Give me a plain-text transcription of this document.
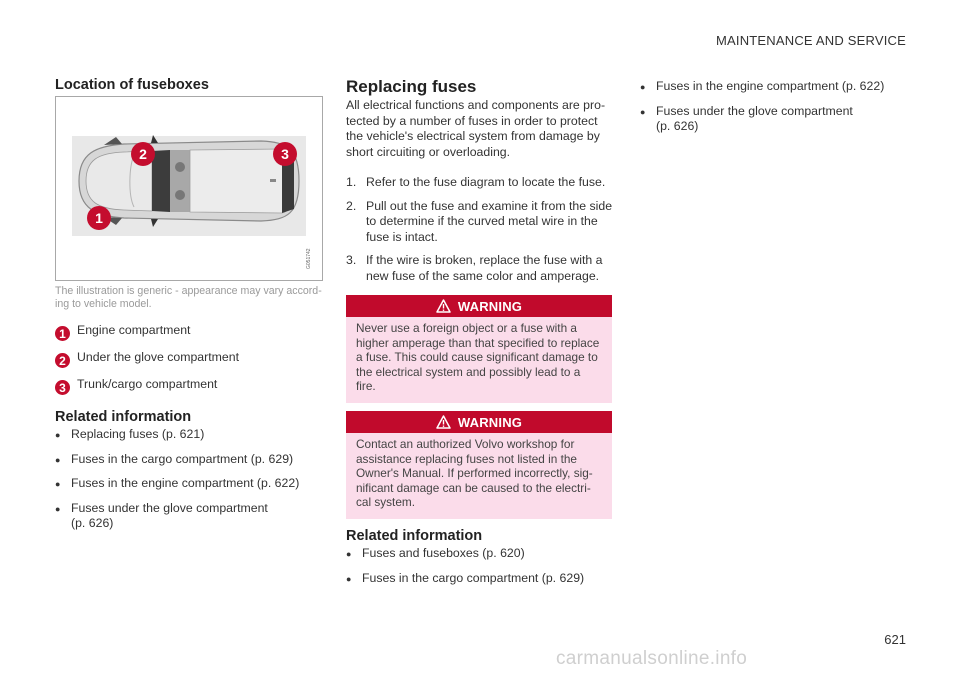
MAINTENANCE AND SERVICE
Location of fuseboxes
1
2	3
G051742
The illustration is generic - appearance may vary accord-ing to vehicle model.
1 Engine compartment
2 Under the glove compartment
3 Trunk/cargo compartment
Related information
● Replacing fuses (p. 621)
● Fuses in the cargo compartment (p. 629)
● Fuses in the engine compartment (p. 622)
● Fuses under the glove compartment (p. 626)
Replacing fuses
All electrical functions and components are pro-tected by a number of fuses in order to protect the vehicle's electrical system from damage by short circuiting or overloading.
1. Refer to the fuse diagram to locate the fuse.
2. Pull out the fuse and examine it from the side to determine if the curved metal wire in the fuse is intact.
3. If the wire is broken, replace the fuse with a new fuse of the same color and amperage.
WARNING
Never use a foreign object or a fuse with a higher amperage than that specified to replace a fuse. This could cause significant damage to the electrical system and possibly lead to a fire.
WARNING
Contact an authorized Volvo workshop for assistance replacing fuses not listed in the Owner's Manual. If performed incorrectly, sig-nificant damage can be caused to the electri-cal system.
Related information
● Fuses and fuseboxes (p. 620)
● Fuses in the cargo compartment (p. 629)
● Fuses in the engine compartment (p. 622)
● Fuses under the glove compartment (p. 626)
621
carmanualsonline.info
